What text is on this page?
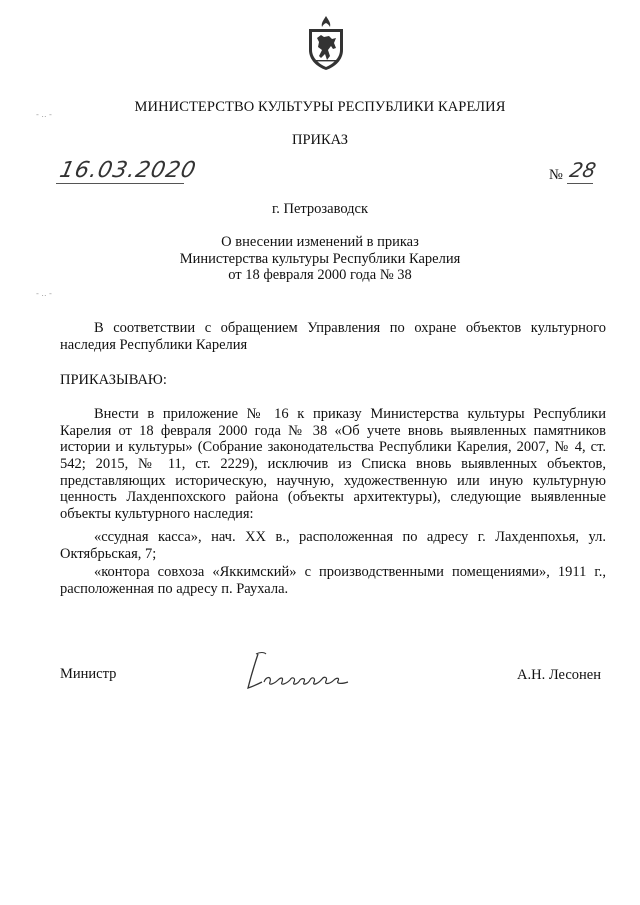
- .. -
- .. -
МИНИСТЕРСТВО КУЛЬТУРЫ РЕСПУБЛИКИ КАРЕЛИЯ
ПРИКАЗ
16.03.2020	№ 28
г. Петрозаводск
О внесении изменений в приказ
Министерства культуры Республики Карелия
от 18 февраля 2000 года № 38
В соответствии с обращением Управления по охране объектов культурного наследия Республики Карелия
ПРИКАЗЫВАЮ:
Внести в приложение № 16 к приказу Министерства культуры Республики Карелия от 18 февраля 2000 года № 38 «Об учете вновь выявленных памятников истории и культуры» (Собрание законодательства Республики Карелия, 2007, № 4, ст. 542; 2015, № 11, ст. 2229), исключив из Списка вновь выявленных объектов, представляющих историческую, научную, художественную или иную культурную ценность Лахденпохского района (объекты архитектуры), следующие выявленные объекты культурного наследия:
«ссудная касса», нач. XX в., расположенная по адресу г. Лахденпохья, ул. Октябрьская, 7;
«контора совхоза «Яккимский» с производственными помещениями», 1911 г., расположенная по адресу п. Раухала.
Министр	А.Н. Лесонен
